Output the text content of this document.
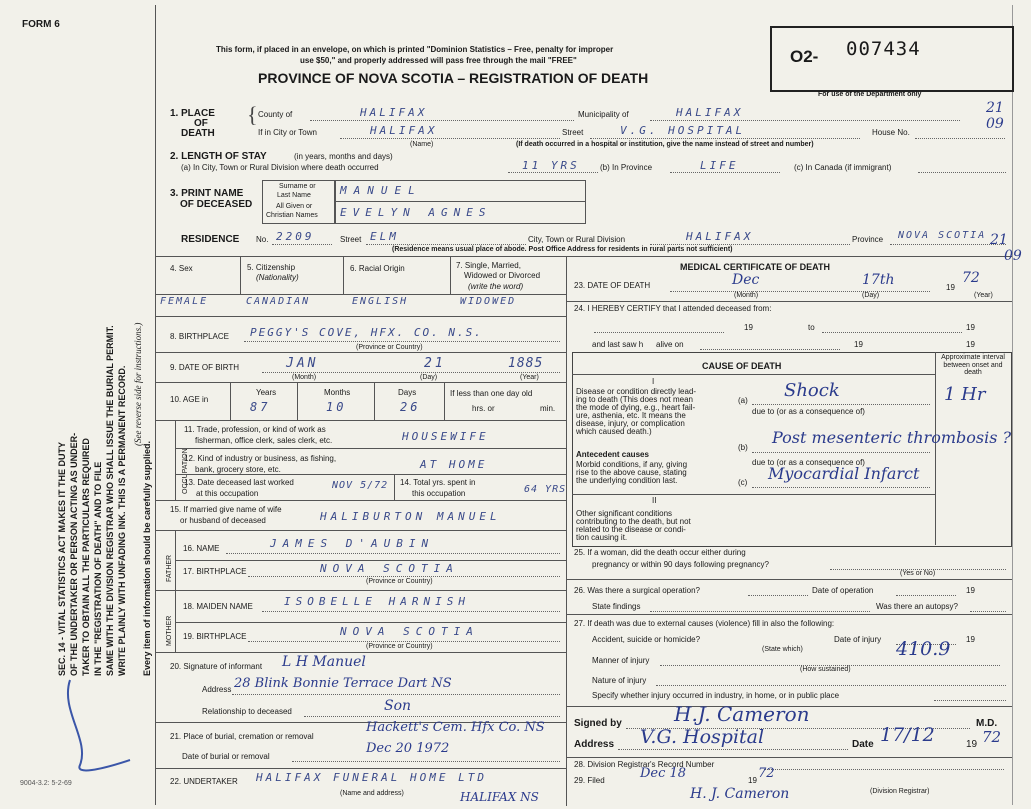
FORM 6
9004-3.2: 5-2-69
SEC. 14 - VITAL STATISTICS ACT MAKES IT THE DUTY OF THE UNDERTAKER OR PERSON ACTING AS UNDER- TAKER TO OBTAIN ALL THE PARTICULARS REQUIRED IN THE "REGISTRATION OF DEATH" AND TO FILE SAME WITH THE DIVISION REGISTRAR WHO SHALL ISSUE THE BURIAL PERMIT. WRITE PLAINLY WITH UNFADING INK. THIS IS A PERMANENT RECORD. (See reverse side for instructions.)
Every item of information should be carefully supplied.
This form, if placed in an envelope, on which is printed "Dominion Statistics – Free, penalty for improper
use $50," and properly addressed will pass free through the mail "FREE"
PROVINCE OF NOVA SCOTIA – REGISTRATION OF DEATH
O2- 007434
For use of the Department only
1. PLACE
OF
DEATH
{ County of	HALIFAX	Municipality of	HALIFAX	21
09
If in City or Town	HALIFAX
(Name)
Street	V.G. HOSPITAL	House No.
(If death occurred in a hospital or institution, give the name instead of street and number)
2. LENGTH OF STAY	(in years, months and days)
(a) In City, Town or Rural Division where death occurred	11 YRS	(b) In Province	LIFE	(c) In Canada (if immigrant)
3. PRINT NAME
OF DECEASED
Surname or
Last Name
All Given or
Christian Names
MANUEL
EVELYN AGNES
RESIDENCE No. 2209	Street ELM	City, Town or Rural Division	HALIFAX	Province NOVA SCOTIA 21
09
(Residence means usual place of abode. Post Office Address for residents in rural parts not sufficient)
4. Sex	5. Citizenship
(Nationality)
6. Racial Origin	7. Single, Married,
Widowed or Divorced
(write the word)
FEMALE	CANADIAN	ENGLISH	WIDOWED
8. BIRTHPLACE PEGGY'S COVE, HFX. CO. N.S.
(Province or Country)
9. DATE OF BIRTH	JAN	21	1885
(Month)	(Day)	(Year)
10. AGE in
Years	Months	Days
87	10	26
If less than one day old
hrs. or	min.
OCCUPATION
11. Trade, profession, or kind of work as
fisherman, office clerk, sales clerk, etc.	HOUSEWIFE
12. Kind of industry or business, as fishing,
bank, grocery store, etc.	AT HOME
13. Date deceased last worked
at this occupation
NOV 5/72 14. Total yrs. spent in
this occupation	64 YRS
15. If married give name of wife
or husband of deceased	HALIBURTON MANUEL
FATHER
16. NAME	JAMES D'AUBIN
17. BIRTHPLACE	NOVA SCOTIA
(Province or Country)
MOTHER
18. MAIDEN NAME	ISOBELLE HARNISH
19. BIRTHPLACE	NOVA SCOTIA
(Province or Country)
20. Signature of informant L H Manuel
Address 28 Blink Bonnie Terrace Dart NS
Relationship to deceased	Son
21. Place of burial, cremation or removal
Hackett's Cem. Hfx Co. NS
Date of burial or removal
Dec 20 1972
22. UNDERTAKER HALIFAX FUNERAL HOME LTD
(Name and address)	HALIFAX NS
MEDICAL CERTIFICATE OF DEATH
23. DATE OF DEATH	Dec	17th	19
72
(Month)	(Day)	(Year)
24. I HEREBY CERTIFY that I attended deceased from:
19	to	19
and last saw h alive on	19	19
CAUSE OF DEATH
Approximate interval between onset and death
I
Disease or condition directly lead-
ing to death (This does not mean
the mode of dying, e.g., heart fail-
ure, asthenia, etc. It means the
disease, injury, or complication
which caused death.)
(a) Shock	1 Hr
due to (or as a consequence of)
Antecedent causes
Morbid conditions, if any, giving
rise to the above cause, stating
the underlying condition last.
(b)
Post mesenteric thrombosis ?
due to (or as a consequence of)
(c) Myocardial Infarct
II
Other significant conditions
contributing to the death, but not
related to the disease or condi-
tion causing it.
25. If a woman, did the death occur either during
pregnancy or within 90 days following pregnancy?
(Yes or No)
26. Was there a surgical operation?	Date of operation	19
State findings	Was there an autopsy?
27. If death was due to external causes (violence) fill in also the following:
Accident, suicide or homicide?	Date of injury	19
(State which)
Manner of injury
410.9
(How sustained)
Nature of injury
Specify whether injury occurred in industry, in home, or in public place
Signed by	H.J. Cameron	M.D.
Address V.G. Hospital	Date 17/12	19 72
28. Division Registrar's Record Number
29. Filed	Dec 18	19 72
H. J. Cameron	(Division Registrar)
